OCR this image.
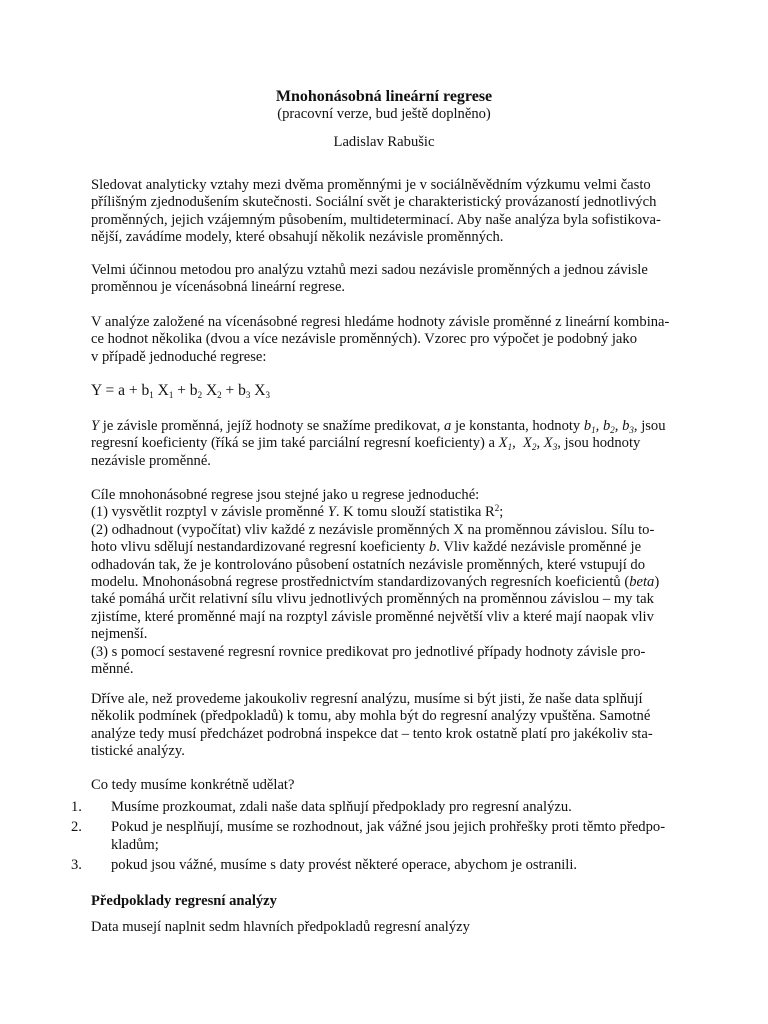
Mnohonásobná lineární regrese

(pracovní verze, bud ještě doplněno)

Ladislav Rabušic

Sledovat analyticky vztahy mezi dvěma proměnnými je v sociálněvědním výzkumu velmi často
přílišným zjednodušením skutečnosti. Sociální svět je charakteristický provázaností jednotlivých
proměnných, jejich vzájemným působením, multideterminací. Aby naše analýza byla sofistikova-
nější, zavádíme modely, které obsahují několik nezávisle proměnných.
Velmi účinnou metodou pro analýzu vztahů mezi sadou nezávisle proměnných a jednou závisle
proměnnou je vícenásobná lineární regrese.
V analýze založené na vícenásobné regresi hledáme hodnoty závisle proměnné z lineární kombina-
ce hodnot několika (dvou a více nezávisle proměnných). Vzorec pro výpočet je podobný jako
v případě jednoduché regrese:
$Y = a + b_1$ $X_1 + b_2$ $X_2 + b_3$ $X_3$
Y je závisle proměnná, jejíž hodnoty se snažíme predikovat, a je konstanta, hodnoty $b_1$, $b_2$, $b_3$, jsou
regresní koeficienty (říká se jim také parciální regresní koeficienty) a $X_1$, $X_2$, $X_3$, jsou hodnoty
nezávisle proměnné.
Cíle mnohonásobné regrese jsou stejné jako u regrese jednoduché:
(1) vysvětlit rozptyl v závisle proměnné Y. K tomu slouží statistika $R^2$;
(2) odhadnout (vypočítat) vliv každé z nezávisle proměnných X na proměnnou závislou. Sílu to-
hoto vlivu sdělují nestandardizované regresní koeficienty b. Vliv každé nezávisle proměnné je
odhadován tak, že je kontrolováno působení ostatních nezávisle proměnných, které vstupují do
modelu. Mnohonásobná regrese prostřednictvím standardizovaných regresních koeficientů (beta)
také pomáhá určit relativní sílu vlivu jednotlivých proměnných na proměnnou závislou – my tak
zjistíme, které proměnné mají na rozptyl závisle proměnné největší vliv a které mají naopak vliv
nejmenší.
(3) s pomocí sestavené regresní rovnice predikovat pro jednotlivé případy hodnoty závisle pro-
měnné.
Dříve ale, než provedeme jakoukoliv regresní analýzu, musíme si být jisti, že naše data splňují
několik podmínek (předpokladů) k tomu, aby mohla být do regresní analýzy vpuštěna. Samotné
analýze tedy musí předcházet podrobná inspekce dat – tento krok ostatně platí pro jakékoliv sta-
tistické analýzy.
Co tedy musíme konkrétně udělat?
1. Musíme prozkoumat, zdali naše data splňují předpoklady pro regresní analýzu.
2. Pokud je nesplňují, musíme se rozhodnout, jak vážné jsou jejich prohřešky proti těmto předpo-
kladům;
3. pokud jsou vážné, musíme s daty provést některé operace, abychom je ostranili.
Předpoklady regresní analýzy
Data musejí naplnit sedm hlavních předpokladů regresní analýzy
